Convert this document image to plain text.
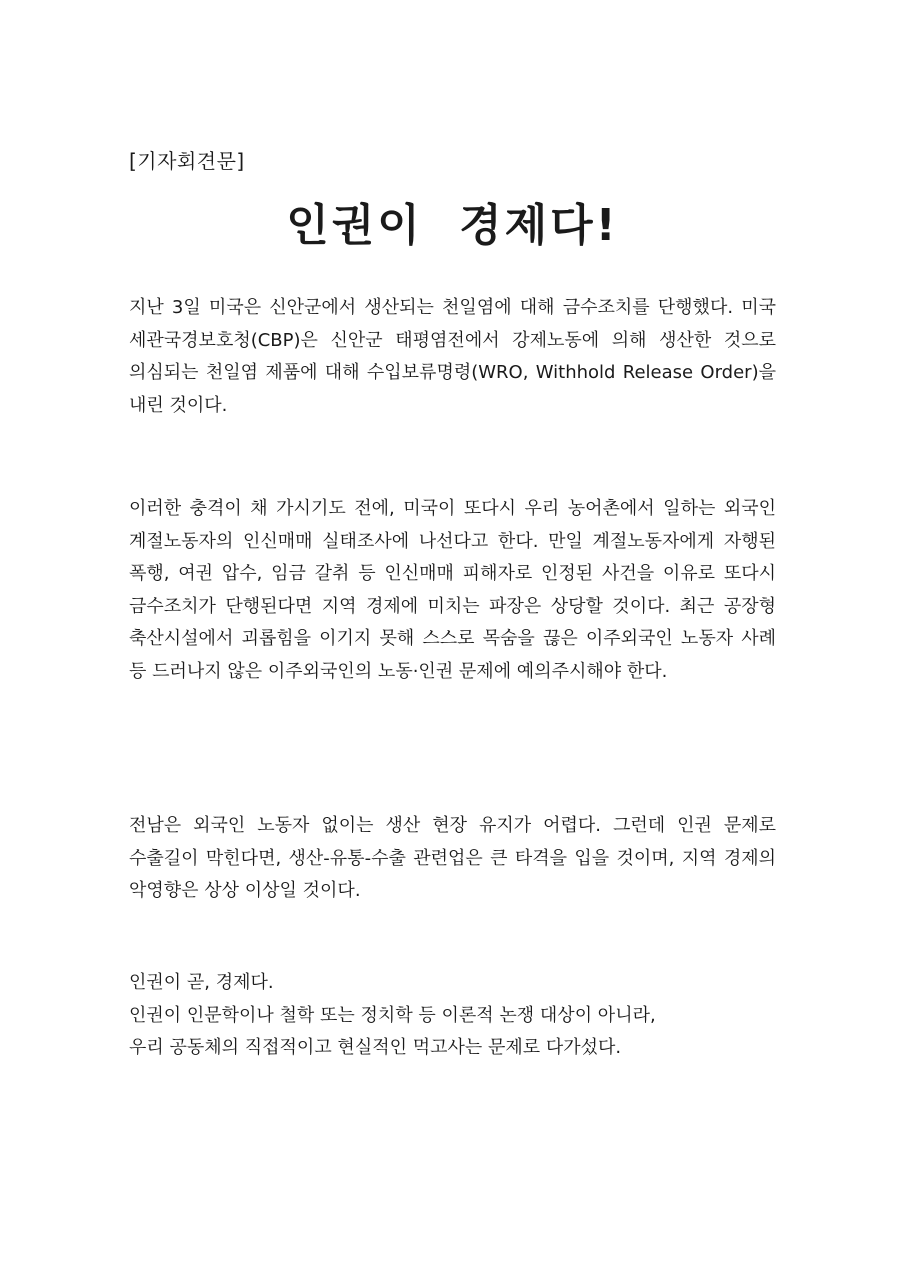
[기자회견문]
인권이 경제다!

지난 3일 미국은 신안군에서 생산되는 천일염에 대해 금수조치를 단행했다. 미국 세관국경보호청(CBP)은 신안군 태평염전에서 강제노동에 의해 생산한 것으로 의심되는 천일염 제품에 대해 수입보류명령(WRO, Withhold Release Order)을 내린 것이다.

이러한 충격이 채 가시기도 전에, 미국이 또다시 우리 농어촌에서 일하는 외국인 계절노동자의 인신매매 실태조사에 나선다고 한다. 만일 계절노동자에게 자행된 폭행, 여권 압수, 임금 갈취 등 인신매매 피해자로 인정된 사건을 이유로 또다시 금수조치가 단행된다면 지역 경제에 미치는 파장은 상당할 것이다. 최근 공장형 축산시설에서 괴롭힘을 이기지 못해 스스로 목숨을 끊은 이주외국인 노동자 사례 등 드러나지 않은 이주외국인의 노동·인권 문제에 예의주시해야 한다.

전남은 외국인 노동자 없이는 생산 현장 유지가 어렵다. 그런데 인권 문제로 수출길이 막힌다면, 생산-유통-수출 관련업은 큰 타격을 입을 것이며, 지역 경제의 악영향은 상상 이상일 것이다.

인권이 곧, 경제다.
인권이 인문학이나 철학 또는 정치학 등 이론적 논쟁 대상이 아니라,
우리 공동체의 직접적이고 현실적인 먹고사는 문제로 다가섰다.
